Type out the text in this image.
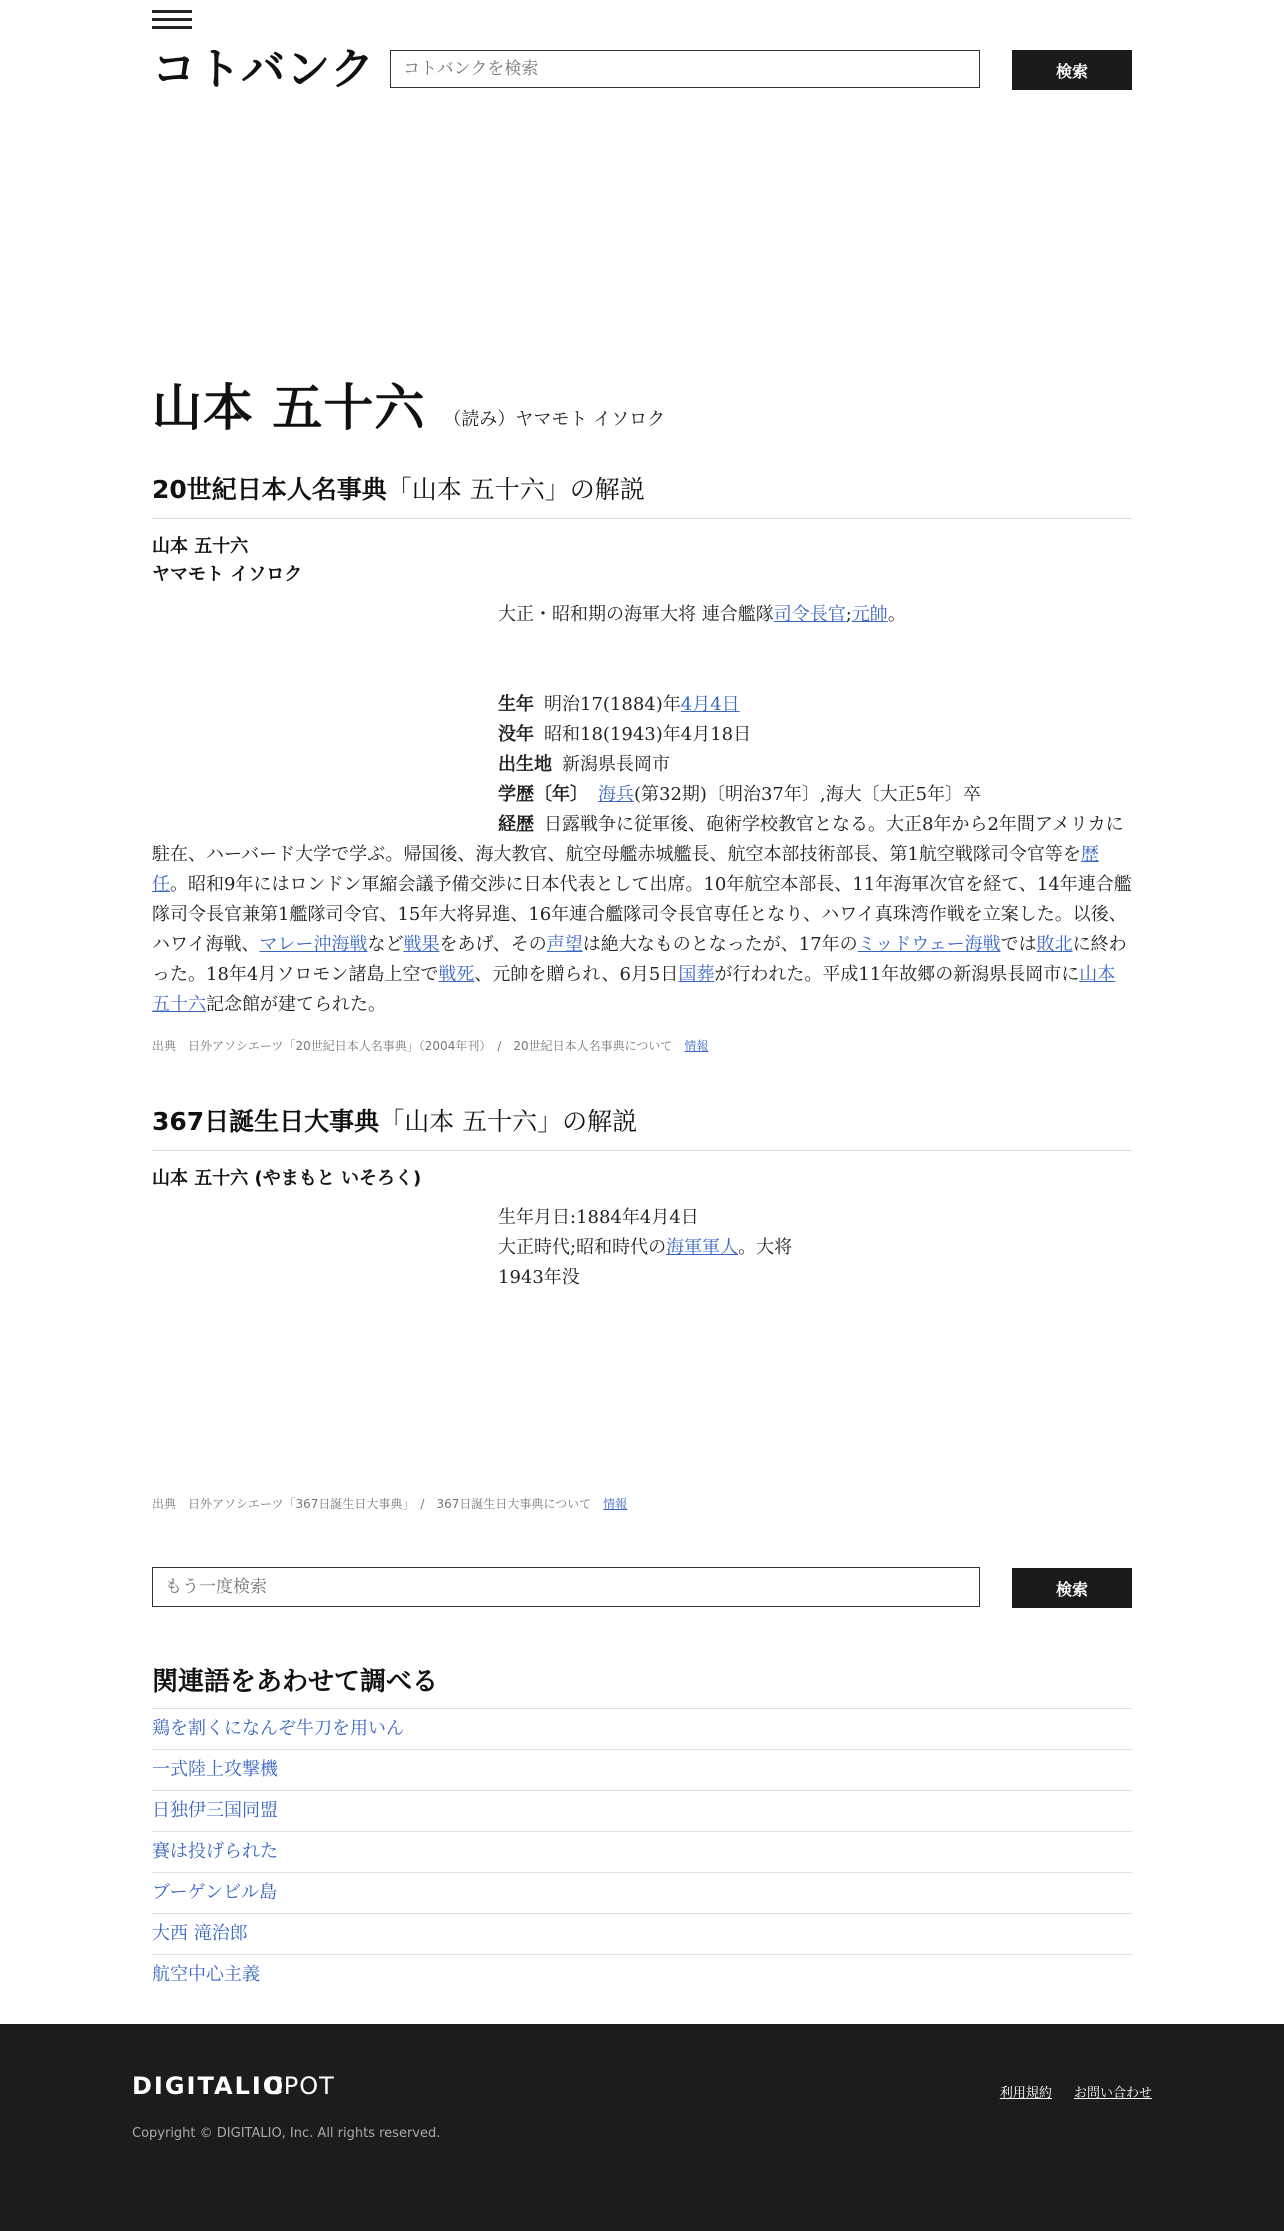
コトバンク
コトバンクを検索	検索
山本 五十六 （読み）ヤマモト イソロク
20世紀日本人名事典「山本 五十六」の解説
山本 五十六
ヤマモト イソロク
大正・昭和期の海軍大将 連合艦隊司令長官;元帥。
生年 明治17(1884)年4月4日
没年 昭和18(1943)年4月18日
出生地 新潟県長岡市
学歴〔年〕 海兵(第32期)〔明治37年〕,海大〔大正5年〕卒
経歴 日露戦争に従軍後、砲術学校教官となる。大正8年から2年間アメリカに駐在、ハーバード大学で学ぶ。帰国後、海大教官、航空母艦赤城艦長、航空本部技術部長、第1航空戦隊司令官等を歴任。昭和9年にはロンドン軍縮会議予備交渉に日本代表として出席。10年航空本部長、11年海軍次官を経て、14年連合艦隊司令長官兼第1艦隊司令官、15年大将昇進、16年連合艦隊司令長官専任となり、ハワイ真珠湾作戦を立案した。以後、ハワイ海戦、マレー沖海戦など戦果をあげ、その声望は絶大なものとなったが、17年のミッドウェー海戦では敗北に終わった。18年4月ソロモン諸島上空で戦死、元帥を贈られ、6月5日国葬が行われた。平成11年故郷の新潟県長岡市に山本五十六記念館が建てられた。
出典　日外アソシエーツ「20世紀日本人名事典」（2004年刊）　/　20世紀日本人名事典について　 情報
367日誕生日大事典「山本 五十六」の解説
山本 五十六 (やまもと いそろく)
生年月日:1884年4月4日
大正時代;昭和時代の海軍軍人。大将
1943年没
出典　日外アソシエーツ「367日誕生日大事典」　/　367日誕生日大事典について　 情報
もう一度検索
検索
関連語をあわせて調べる
鶏を割くになんぞ牛刀を用いん
一式陸上攻撃機
日独伊三国同盟
賽は投げられた
ブーゲンビル島
大西 滝治郎
航空中心主義
DIGITALIO
CPOT	利用規約 お問い合わせ
Copyright © DIGITALIO, Inc. All rights reserved.
